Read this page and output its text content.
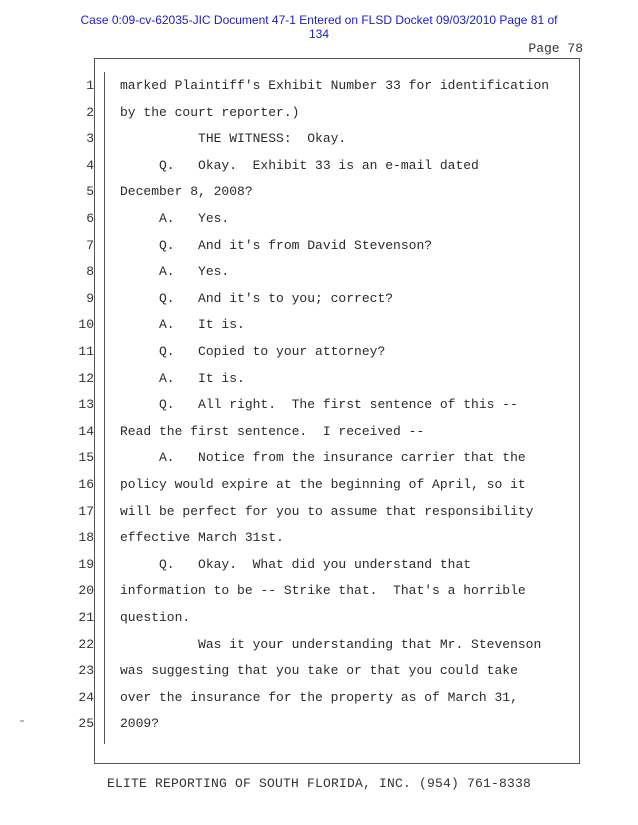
Case 0:09-cv-62035-JIC Document 47-1 Entered on FLSD Docket 09/03/2010 Page 81 of
134
Page 78
1 marked Plaintiff's Exhibit Number 33 for identification
2 by the court reporter.)
3 THE WITNESS:  Okay.
4 Q.   Okay.  Exhibit 33 is an e-mail dated
5 December 8, 2008?
6 A.   Yes.
7 Q.   And it's from David Stevenson?
8 A.   Yes.
9 Q.   And it's to you; correct?
10 A.   It is.
11 Q.   Copied to your attorney?
12 A.   It is.
13 Q.   All right.  The first sentence of this --
14 Read the first sentence.  I received --
15 A.   Notice from the insurance carrier that the
16 policy would expire at the beginning of April, so it
17 will be perfect for you to assume that responsibility
18 effective March 31st.
19 Q.   Okay.  What did you understand that
20 information to be -- Strike that.  That's a horrible
21 question.
22 Was it your understanding that Mr. Stevenson
23 was suggesting that you take or that you could take
24 over the insurance for the property as of March 31,
25 2009?
ELITE REPORTING OF SOUTH FLORIDA, INC. (954) 761-8338
